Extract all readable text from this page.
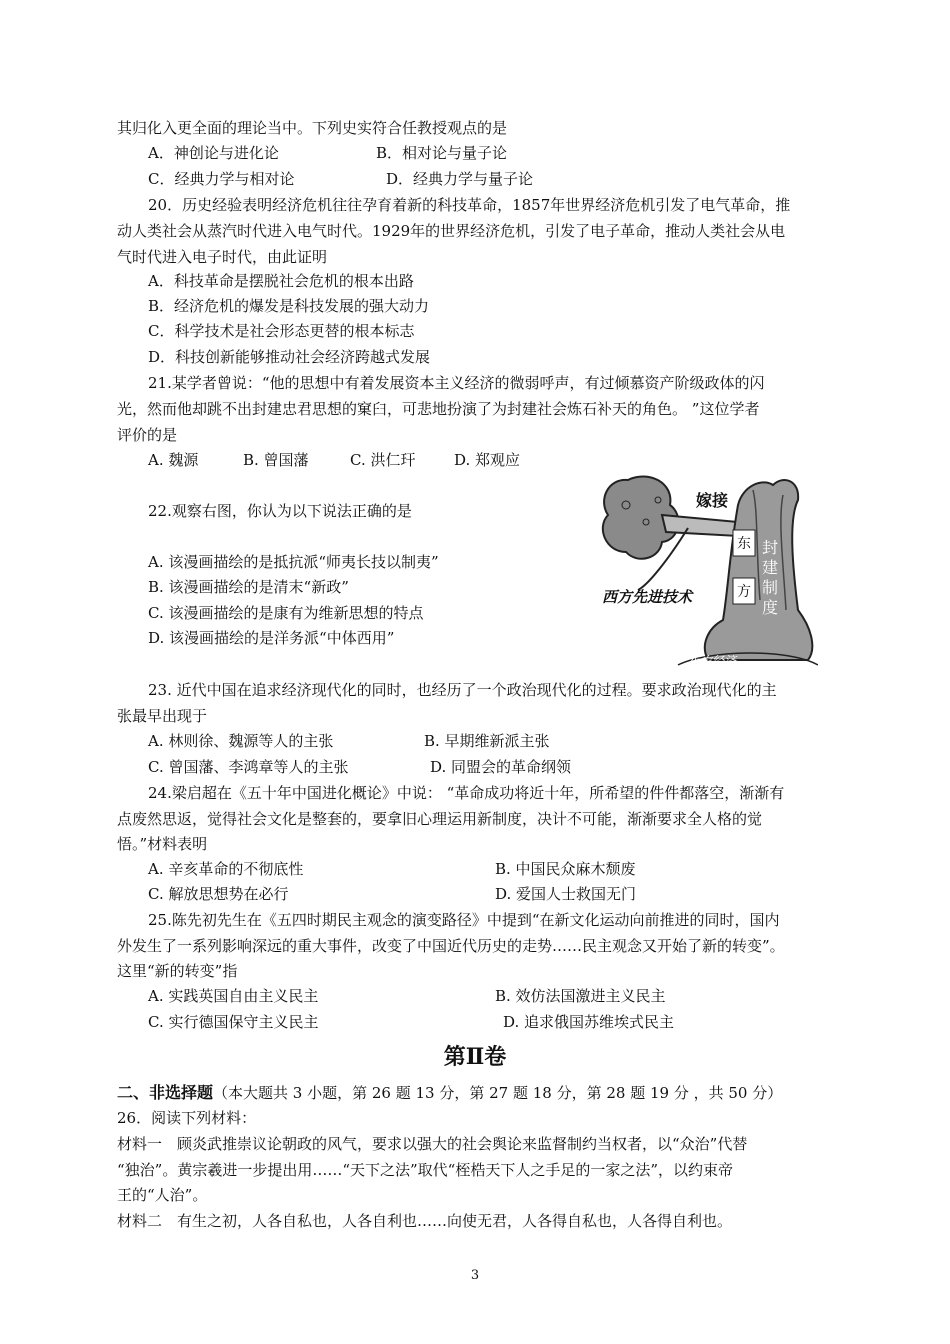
其归化入更全面的理论当中。下列史实符合任教授观点的是
A．神创论与进化论	B．相对论与量子论
C．经典力学与相对论	D．经典力学与量子论
20．历史经验表明经济危机往往孕育着新的科技革命，1857年世界经济危机引发了电气革命，推
动人类社会从蒸汽时代进入电气时代。1929年的世界经济危机，引发了电子革命，推动人类社会从电
气时代进入电子时代，由此证明
A．科技革命是摆脱社会危机的根本出路
B．经济危机的爆发是科技发展的强大动力
C．科学技术是社会形态更替的根本标志
D．科技创新能够推动社会经济跨越式发展
21.某学者曾说：“他的思想中有着发展资本主义经济的微弱呼声，有过倾慕资产阶级政体的闪
光，然而他却跳不出封建忠君思想的窠臼，可悲地扮演了为封建社会炼石补天的角色。 ”这位学者
评价的是
A. 魏源	B. 曾国藩	C. 洪仁玕	D. 郑观应
22.观察右图，你认为以下说法正确的是
A. 该漫画描绘的是抵抗派“师夷长技以制夷”
B. 该漫画描绘的是清末“新政”
C. 该漫画描绘的是康有为维新思想的特点
D. 该漫画描绘的是洋务派“中体西用”
嫁接
东
方
封建制度
西方先进技术
小农经济
23. 近代中国在追求经济现代化的同时，也经历了一个政治现代化的过程。要求政治现代化的主
张最早出现于
A. 林则徐、魏源等人的主张	B. 早期维新派主张
C. 曾国藩、李鸿章等人的主张	D. 同盟会的革命纲领
24.梁启超在《五十年中国进化概论》中说： “革命成功将近十年，所希望的件件都落空，渐渐有
点废然思返，觉得社会文化是整套的，要拿旧心理运用新制度，决计不可能，渐渐要求全人格的觉
悟。”材料表明
A. 辛亥革命的不彻底性	B. 中国民众麻木颓废
C. 解放思想势在必行	D. 爱国人士救国无门
25.陈先初先生在《五四时期民主观念的演变路径》中提到“在新文化运动向前推进的同时，国内
外发生了一系列影响深远的重大事件，改变了中国近代历史的走势……民主观念又开始了新的转变”。
这里“新的转变”指
A. 实践英国自由主义民主	B. 效仿法国激进主义民主
C. 实行德国保守主义民主	D. 追求俄国苏维埃式民主
第Ⅱ卷
二、非选择题（本大题共 3 小题，第 26 题 13 分，第 27 题 18 分，第 28 题 19 分 ，共 50 分）
26．阅读下列材料：
材料一　顾炎武推崇议论朝政的风气，要求以强大的社会舆论来监督制约当权者，以“众治”代替
“独治”。黄宗羲进一步提出用……“天下之法”取代“桎梏天下人之手足的一家之法”，以约束帝
王的“人治”。
材料二　有生之初，人各自私也，人各自利也……向使无君，人各得自私也，人各得自利也。
3
